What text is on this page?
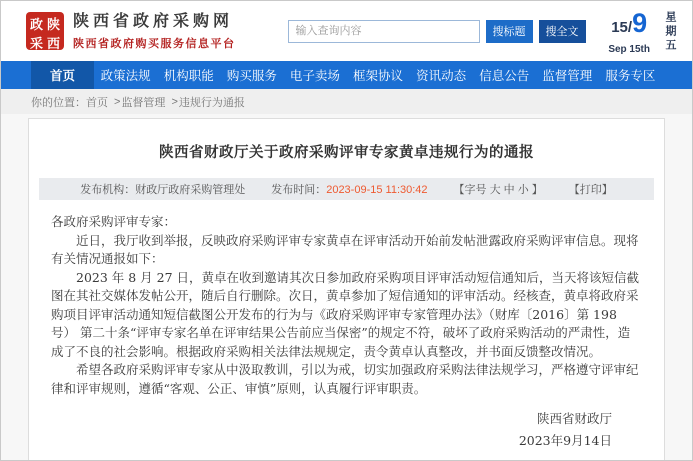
政 陕
采 西
陕西省政府采购网
陕西省政府购买服务信息平台
输入查询内容
搜标题	搜全文	15/9
Sep 15th 星期五
首页	政策法规	机构职能	购买服务	电子卖场	框架协议	资讯动态	信息公告	监督管理	服务专区
你的位置： 首页 > 监督管理 > 违规行为通报
陕西省财政厅关于政府采购评审专家黄卓违规行为的通报
发布机构：财政厅政府采购管理处 发布时间：2023-09-15 11:30:42 【字号 大 中 小 】 【打印】

各政府采购评审专家：

近日，我厅收到举报，反映政府采购评审专家黄卓在评审活动开始前发帖泄露政府采购评审信息。现将有关情况通报如下：

2023 年 8 月 27 日，黄卓在收到邀请其次日参加政府采购项目评审活动短信通知后，当天将该短信截图在其社交媒体发帖公开，随后自行删除。次日，黄卓参加了短信通知的评审活动。经核查，黄卓将政府采购项目评审活动通知短信截图公开发布的行为与《政府采购评审专家管理办法》（财库〔2016〕第 198 号） 第二十条“评审专家名单在评审结果公告前应当保密”的规定不符，破坏了政府采购活动的严肃性，造成了不良的社会影响。根据政府采购相关法律法规规定，责令黄卓认真整改，并书面反馈整改情况。

希望各政府采购评审专家从中汲取教训，引以为戒，切实加强政府采购法律法规学习，严格遵守评审纪律和评审规则，遵循“客观、公正、审慎”原则，认真履行评审职责。

陕西省财政厅
2023年9月14日
